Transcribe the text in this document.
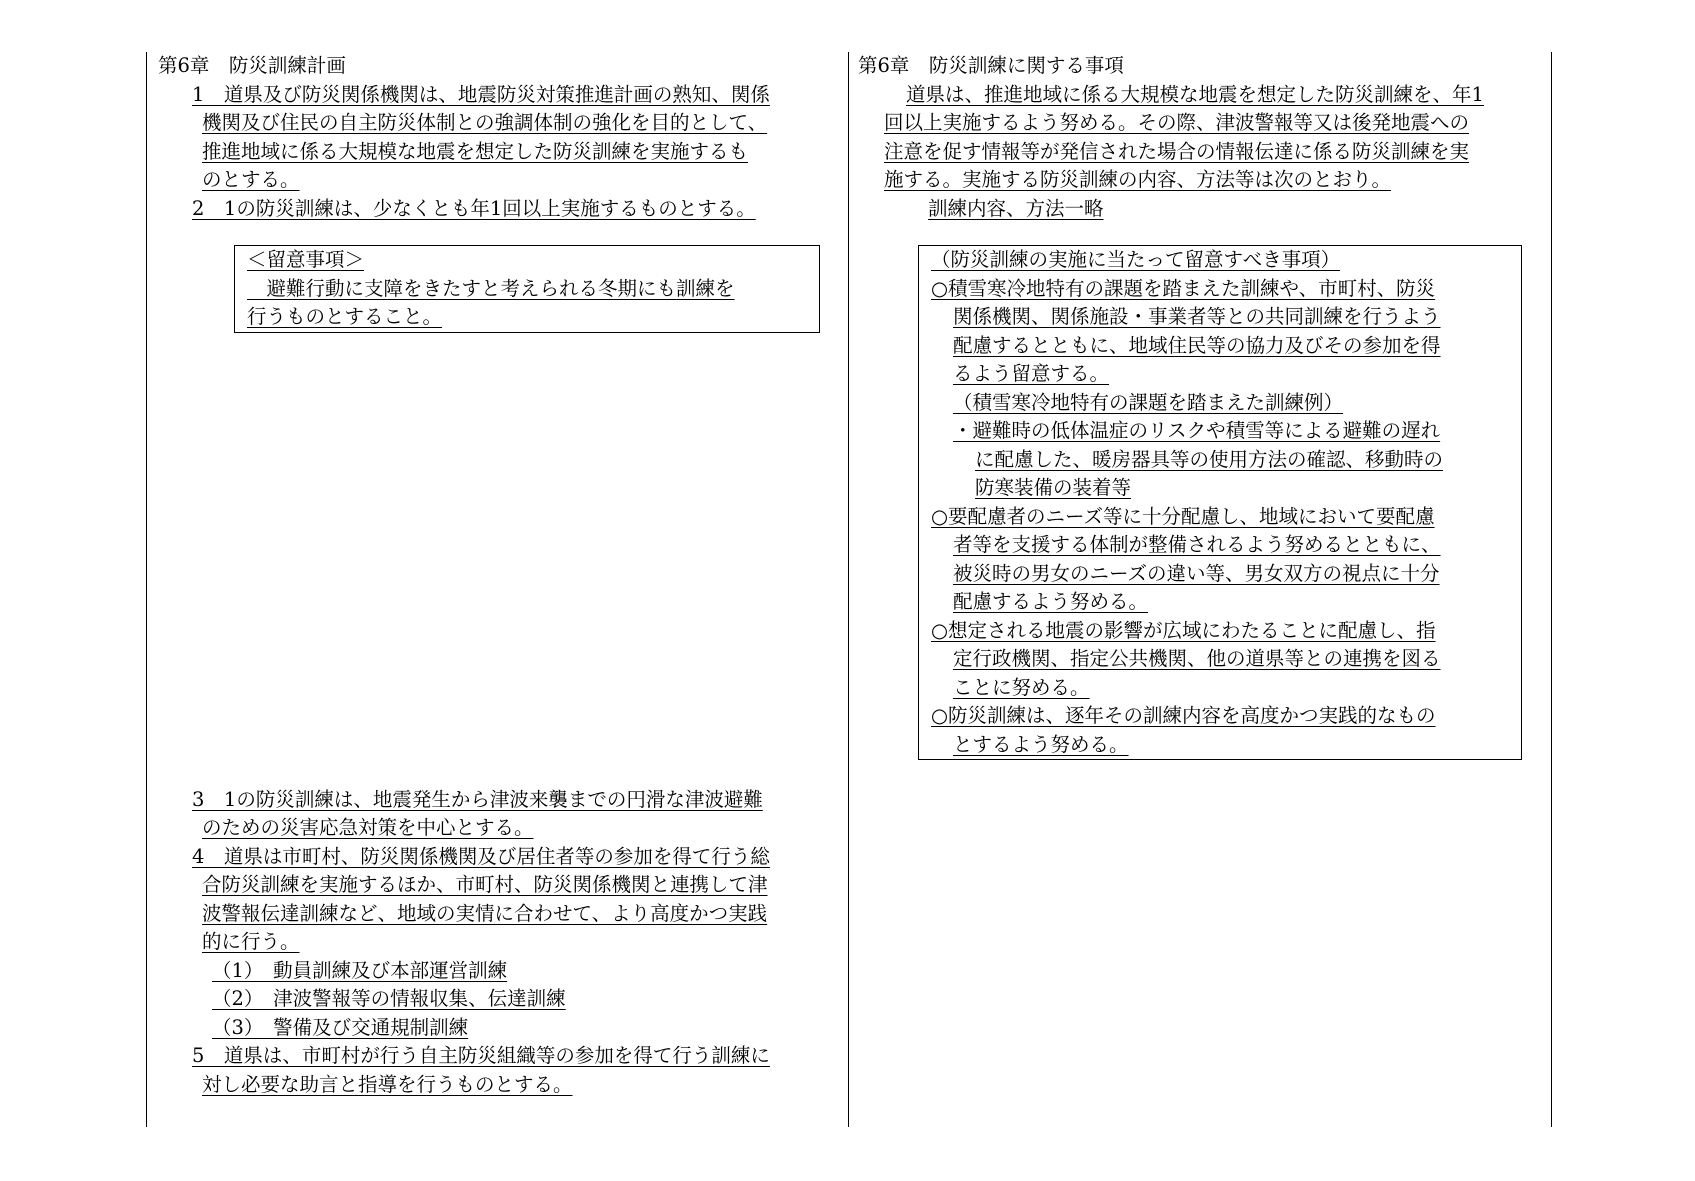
第6章　防災訓練計画
1　道県及び防災関係機関は、地震防災対策推進計画の熟知、関係
機関及び住民の自主防災体制との強調体制の強化を目的として、
推進地域に係る大規模な地震を想定した防災訓練を実施するも
のとする。
2　1の防災訓練は、少なくとも年1回以上実施するものとする。
＜留意事項＞
　避難行動に支障をきたすと考えられる冬期にも訓練を
行うものとすること。
3　1の防災訓練は、地震発生から津波来襲までの円滑な津波避難
のための災害応急対策を中心とする。
4　道県は市町村、防災関係機関及び居住者等の参加を得て行う総
合防災訓練を実施するほか、市町村、防災関係機関と連携して津
波警報伝達訓練など、地域の実情に合わせて、より高度かつ実践
的に行う。
（1）　動員訓練及び本部運営訓練
（2）　津波警報等の情報収集、伝達訓練
（3）　警備及び交通規制訓練
5　道県は、市町村が行う自主防災組織等の参加を得て行う訓練に
対し必要な助言と指導を行うものとする。
第6章　防災訓練に関する事項
道県は、推進地域に係る大規模な地震を想定した防災訓練を、年1
回以上実施するよう努める。その際、津波警報等又は後発地震への
注意を促す情報等が発信された場合の情報伝達に係る防災訓練を実
施する。実施する防災訓練の内容、方法等は次のとおり。
訓練内容、方法一略
（防災訓練の実施に当たって留意すべき事項）
○積雪寒冷地特有の課題を踏まえた訓練や、市町村、防災
関係機関、関係施設・事業者等との共同訓練を行うよう
配慮するとともに、地域住民等の協力及びその参加を得
るよう留意する。
（積雪寒冷地特有の課題を踏まえた訓練例）
・避難時の低体温症のリスクや積雪等による避難の遅れ
に配慮した、暖房器具等の使用方法の確認、移動時の
防寒装備の装着等
○要配慮者のニーズ等に十分配慮し、地域において要配慮
者等を支援する体制が整備されるよう努めるとともに、
被災時の男女のニーズの違い等、男女双方の視点に十分
配慮するよう努める。
○想定される地震の影響が広域にわたることに配慮し、指
定行政機関、指定公共機関、他の道県等との連携を図る
ことに努める。
○防災訓練は、逐年その訓練内容を高度かつ実践的なもの
とするよう努める。
